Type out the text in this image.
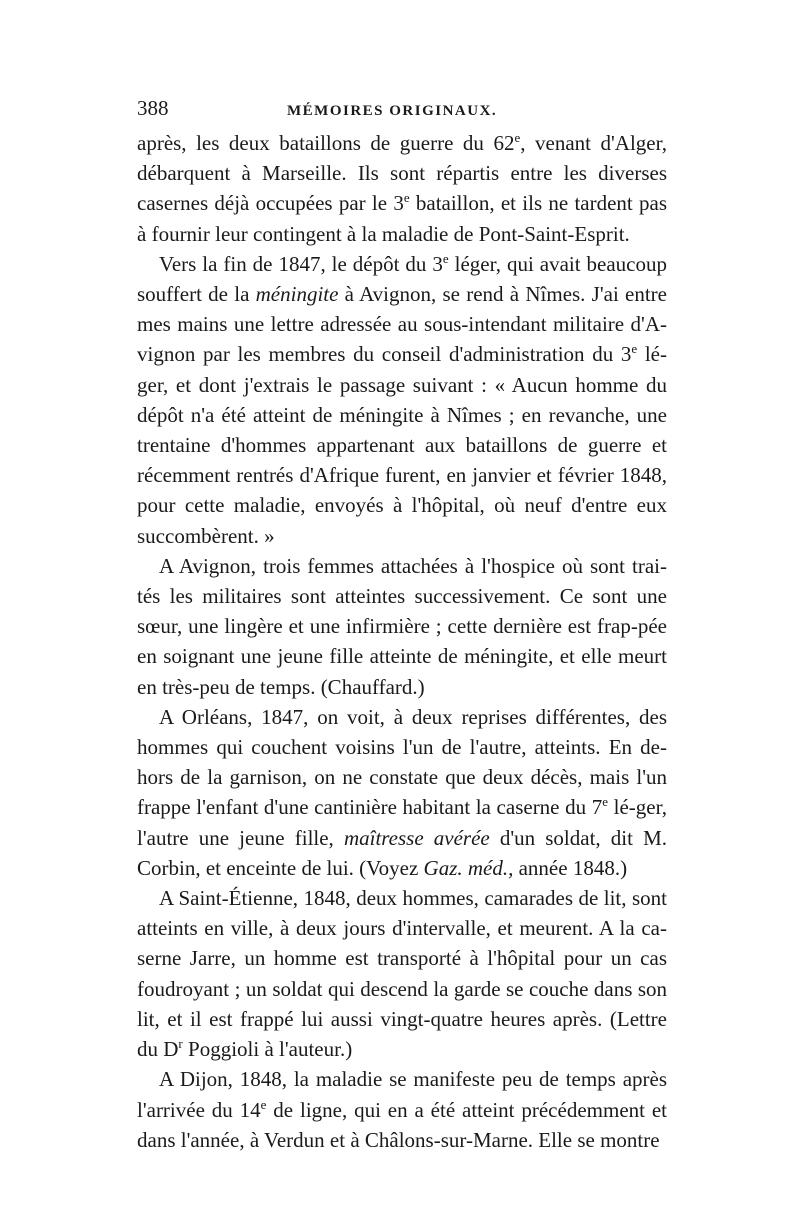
388	MÉMOIRES ORIGINAUX.

après, les deux bataillons de guerre du 62e, venant d'Alger, débarquent à Marseille. Ils sont répartis entre les diverses casernes déjà occupées par le 3e bataillon, et ils ne tardent pas à fournir leur contingent à la maladie de Pont-Saint-Esprit.

Vers la fin de 1847, le dépôt du 3e léger, qui avait beaucoup souffert de la méningite à Avignon, se rend à Nîmes. J'ai entre mes mains une lettre adressée au sous-intendant militaire d'A-vignon par les membres du conseil d'administration du 3e lé-ger, et dont j'extrais le passage suivant : « Aucun homme du dépôt n'a été atteint de méningite à Nîmes ; en revanche, une trentaine d'hommes appartenant aux bataillons de guerre et récemment rentrés d'Afrique furent, en janvier et février 1848, pour cette maladie, envoyés à l'hôpital, où neuf d'entre eux succombèrent. »

A Avignon, trois femmes attachées à l'hospice où sont trai-tés les militaires sont atteintes successivement. Ce sont une sœur, une lingère et une infirmière ; cette dernière est frap-pée en soignant une jeune fille atteinte de méningite, et elle meurt en très-peu de temps. (Chauffard.)

A Orléans, 1847, on voit, à deux reprises différentes, des hommes qui couchent voisins l'un de l'autre, atteints. En de-hors de la garnison, on ne constate que deux décès, mais l'un frappe l'enfant d'une cantinière habitant la caserne du 7e lé-ger, l'autre une jeune fille, maîtresse avérée d'un soldat, dit M. Corbin, et enceinte de lui. (Voyez Gaz. méd., année 1848.)

A Saint-Étienne, 1848, deux hommes, camarades de lit, sont atteints en ville, à deux jours d'intervalle, et meurent. A la ca-serne Jarre, un homme est transporté à l'hôpital pour un cas foudroyant ; un soldat qui descend la garde se couche dans son lit, et il est frappé lui aussi vingt-quatre heures après. (Lettre du $D^r$ Poggioli à l'auteur.)

A Dijon, 1848, la maladie se manifeste peu de temps après l'arrivée du 14e de ligne, qui en a été atteint précédemment et dans l'année, à Verdun et à Châlons-sur-Marne. Elle se montre
